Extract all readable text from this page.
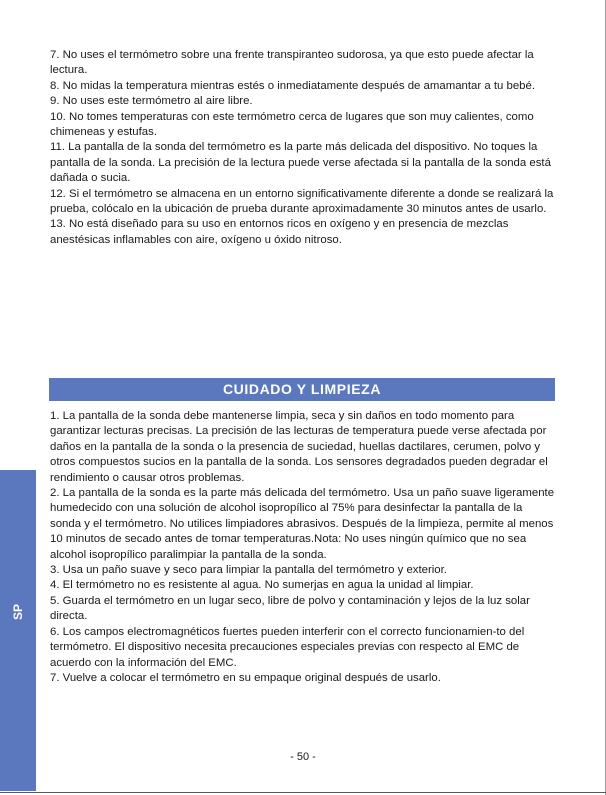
SP
7. No uses el termómetro sobre una frente transpiranteo sudorosa, ya que esto puede afectar la lectura.
8. No midas la temperatura mientras estés o inmediatamente después de amamantar a tu bebé.
9. No uses este termómetro al aire libre.
10. No tomes temperaturas con este termómetro cerca de lugares que son muy calientes, como chimeneas y estufas.
11. La pantalla de la sonda del termómetro es la parte más delicada del dispositivo. No toques la pantalla de la sonda. La precisión de la lectura puede verse afectada si la pantalla de la sonda está dañada o sucia.
12. Si el termómetro se almacena en un entorno significativamente diferente a donde se realizará la prueba, colócalo en la ubicación de prueba durante aproximadamente 30 minutos antes de usarlo.
13. No está diseñado para su uso en entornos ricos en oxígeno y en presencia de mezclas anestésicas inflamables con aire, oxígeno u óxido nitroso.
CUIDADO Y LIMPIEZA
1. La pantalla de la sonda debe mantenerse limpia, seca y sin daños en todo momento para garantizar lecturas precisas. La precisión de las lecturas de temperatura puede verse afectada por daños en la pantalla de la sonda o la presencia de suciedad, huellas dactilares, cerumen, polvo y otros compuestos sucios en la pantalla de la sonda. Los sensores degradados pueden degradar el rendimiento o causar otros problemas.
2. La pantalla de la sonda es la parte más delicada del termómetro. Usa un paño suave ligeramente humedecido con una solución de alcohol isopropílico al 75% para desinfectar la pantalla de la sonda y el termómetro. No utilices limpiadores abrasivos. Después de la limpieza, permite al menos 10 minutos de secado antes de tomar temperaturas.Nota: No uses ningún químico que no sea alcohol isopropílico paralimpiar la pantalla de la sonda.
3. Usa un paño suave y seco para limpiar la pantalla del termómetro y exterior.
4. El termómetro no es resistente al agua. No sumerjas en agua la unidad al limpiar.
5. Guarda el termómetro en un lugar seco, libre de polvo y contaminación y lejos de la luz solar directa.
6. Los campos electromagnéticos fuertes pueden interferir con el correcto funcionamien-to del termómetro. El dispositivo necesita precauciones especiales previas con respecto al EMC de acuerdo con la información del EMC.
7. Vuelve a colocar el termómetro en su empaque original después de usarlo.
- 50 -
